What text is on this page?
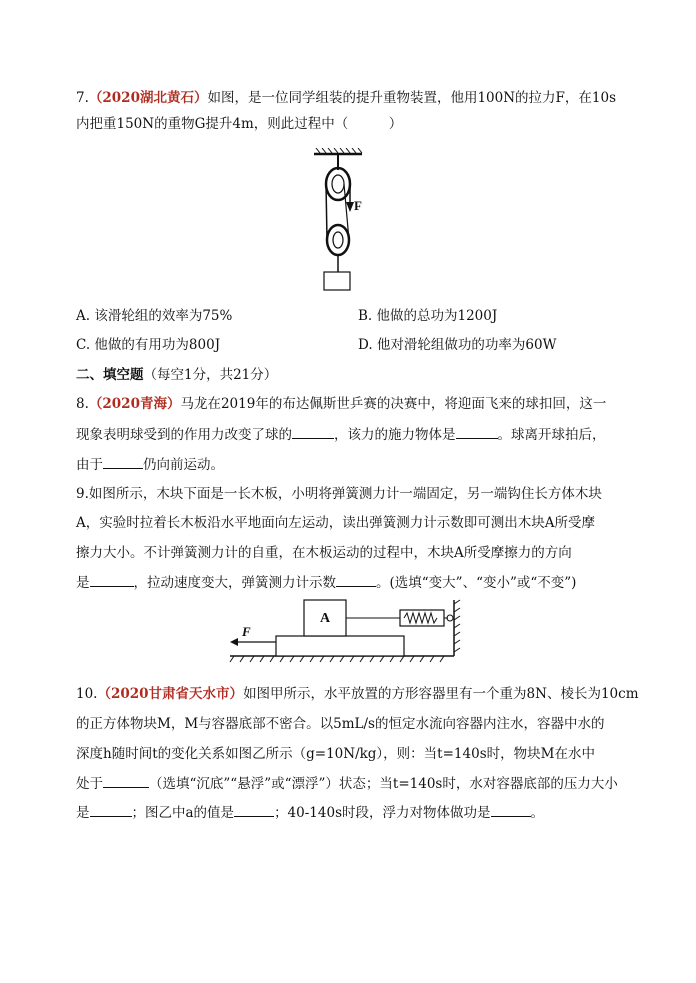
7.（2020湖北黄石）如图，是一位同学组装的提升重物装置，他用100N的拉力F，在10s
内把重150N的重物G提升4m，则此过程中（　　　）
F
A. 该滑轮组的效率为75%	B. 他做的总功为1200J
C. 他做的有用功为800J	D. 他对滑轮组做功的功率为60W
二、填空题（每空1分，共21分）
8.（2020青海）马龙在2019年的布达佩斯世乒赛的决赛中，将迎面飞来的球扣回，这一
现象表明球受到的作用力改变了球的	，该力的施力物体是	。球离开球拍后，
由于	仍向前运动。
9.如图所示，木块下面是一长木板，小明将弹簧测力计一端固定，另一端钩住长方体木块
A，实验时拉着长木板沿水平地面向左运动，读出弹簧测力计示数即可测出木块A所受摩
擦力大小。不计弹簧测力计的自重，在木板运动的过程中，木块A所受摩擦力的方向
是	，拉动速度变大，弹簧测力计示数	。(选填“变大”、“变小”或“不变”)
A
F
10.（2020甘肃省天水市）如图甲所示，水平放置的方形容器里有一个重为8N、棱长为10cm
的正方体物块M，M与容器底部不密合。以5mL/s的恒定水流向容器内注水，容器中水的
深度h随时间t的变化关系如图乙所示（g=10N/kg），则：当t=140s时，物块M在水中
处于	（选填“沉底”“悬浮”或“漂浮”）状态；当t=140s时，水对容器底部的压力大小
是	；图乙中a的值是	；40-140s时段，浮力对物体做功是	。
